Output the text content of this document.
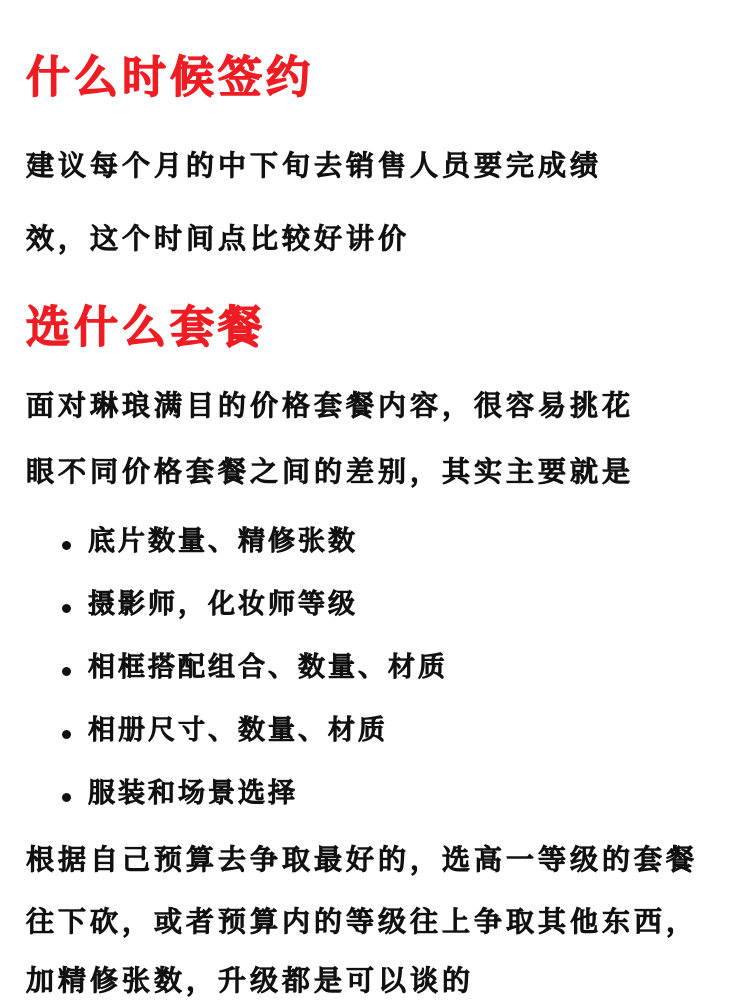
什么时候签约

建议每个月的中下旬去销售人员要完成绩

效，这个时间点比较好讲价

选什么套餐

面对琳琅满目的价格套餐内容，很容易挑花

眼不同价格套餐之间的差别，其实主要就是

底片数量、精修张数

摄影师，化妆师等级

相框搭配组合、数量、材质

相册尺寸、数量、材质

服装和场景选择

根据自己预算去争取最好的，选高一等级的套餐

往下砍，或者预算内的等级往上争取其他东西，

加精修张数，升级都是可以谈的
